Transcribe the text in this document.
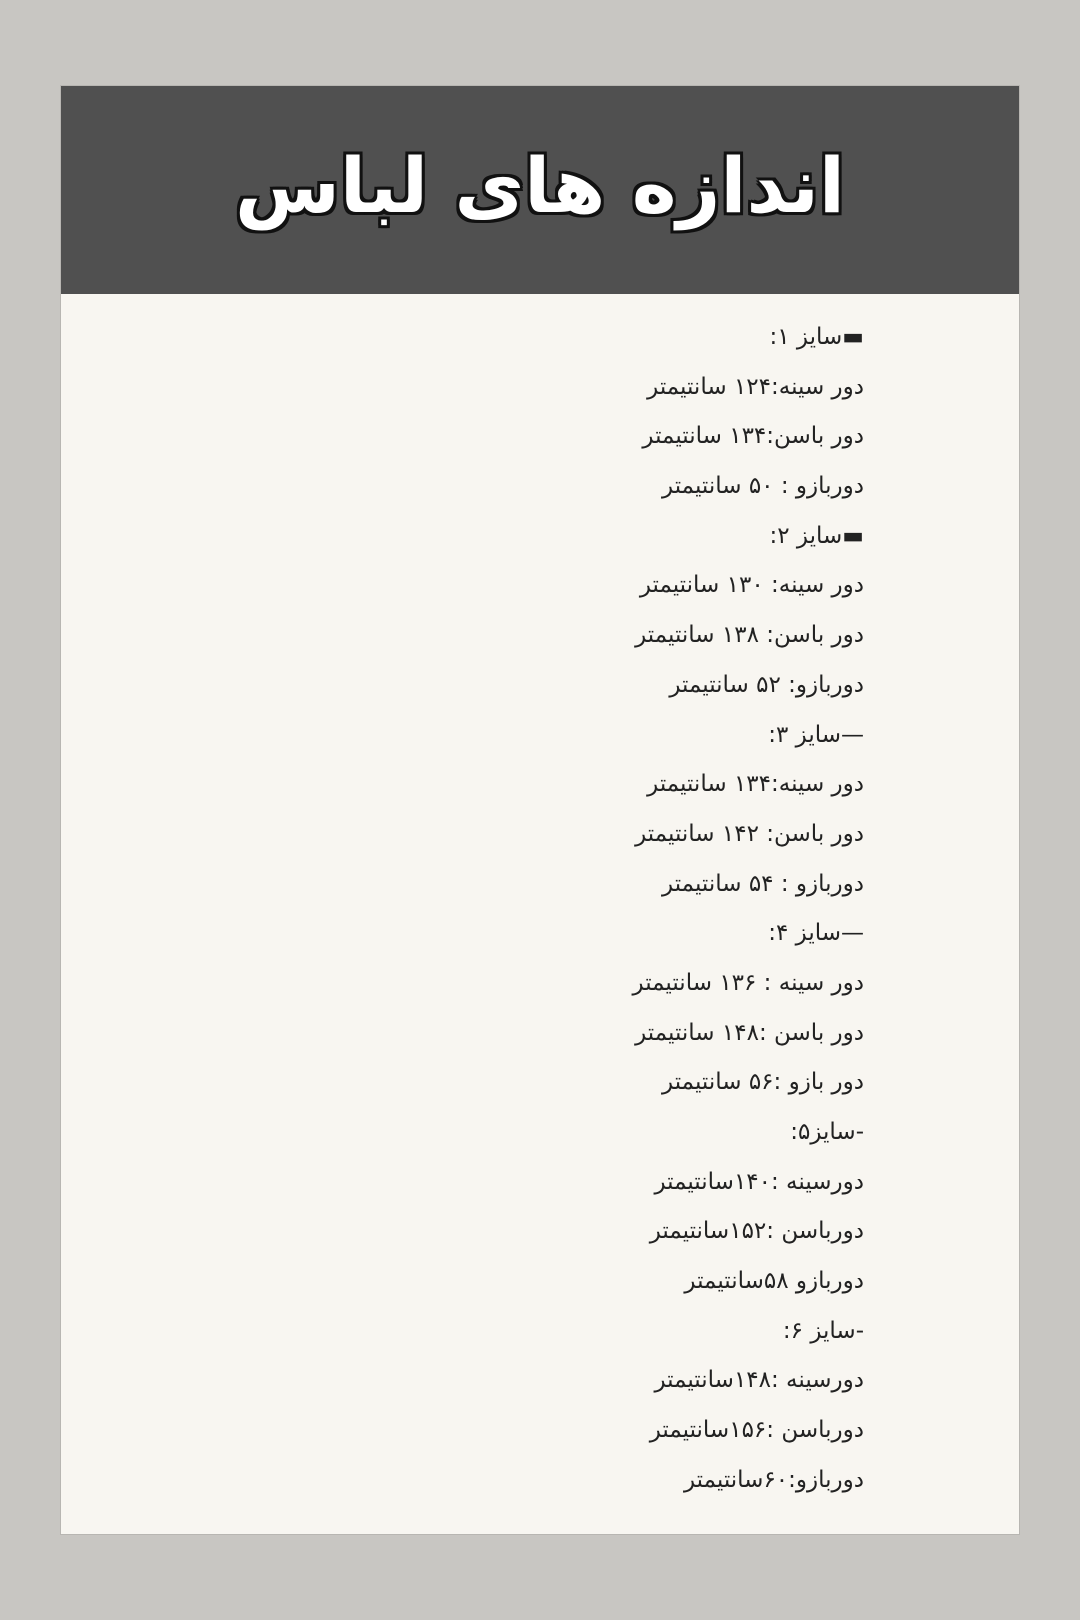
اندازه های لباس
▬سایز ۱:
دور سینه:۱۲۴ سانتیمتر
دور باسن:۱۳۴ سانتیمتر
دوربازو : ۵۰ سانتیمتر
▬سایز ۲:
دور سینه: ۱۳۰ سانتیمتر
دور باسن: ۱۳۸ سانتیمتر
دوربازو: ۵۲ سانتیمتر
—سایز ۳:
دور سینه:۱۳۴ سانتیمتر
دور باسن: ۱۴۲ سانتیمتر
دوربازو : ۵۴ سانتیمتر
—سایز ۴:
دور سینه : ۱۳۶ سانتیمتر
دور باسن :۱۴۸ سانتیمتر
دور بازو :۵۶ سانتیمتر
-سایز۵:
دورسینه :۱۴۰سانتیمتر
دورباسن :۱۵۲سانتیمتر
دوربازو ۵۸سانتیمتر
-سایز ۶:
دورسینه :۱۴۸سانتیمتر
دورباسن :۱۵۶سانتیمتر
دوربازو:۶۰سانتیمتر
